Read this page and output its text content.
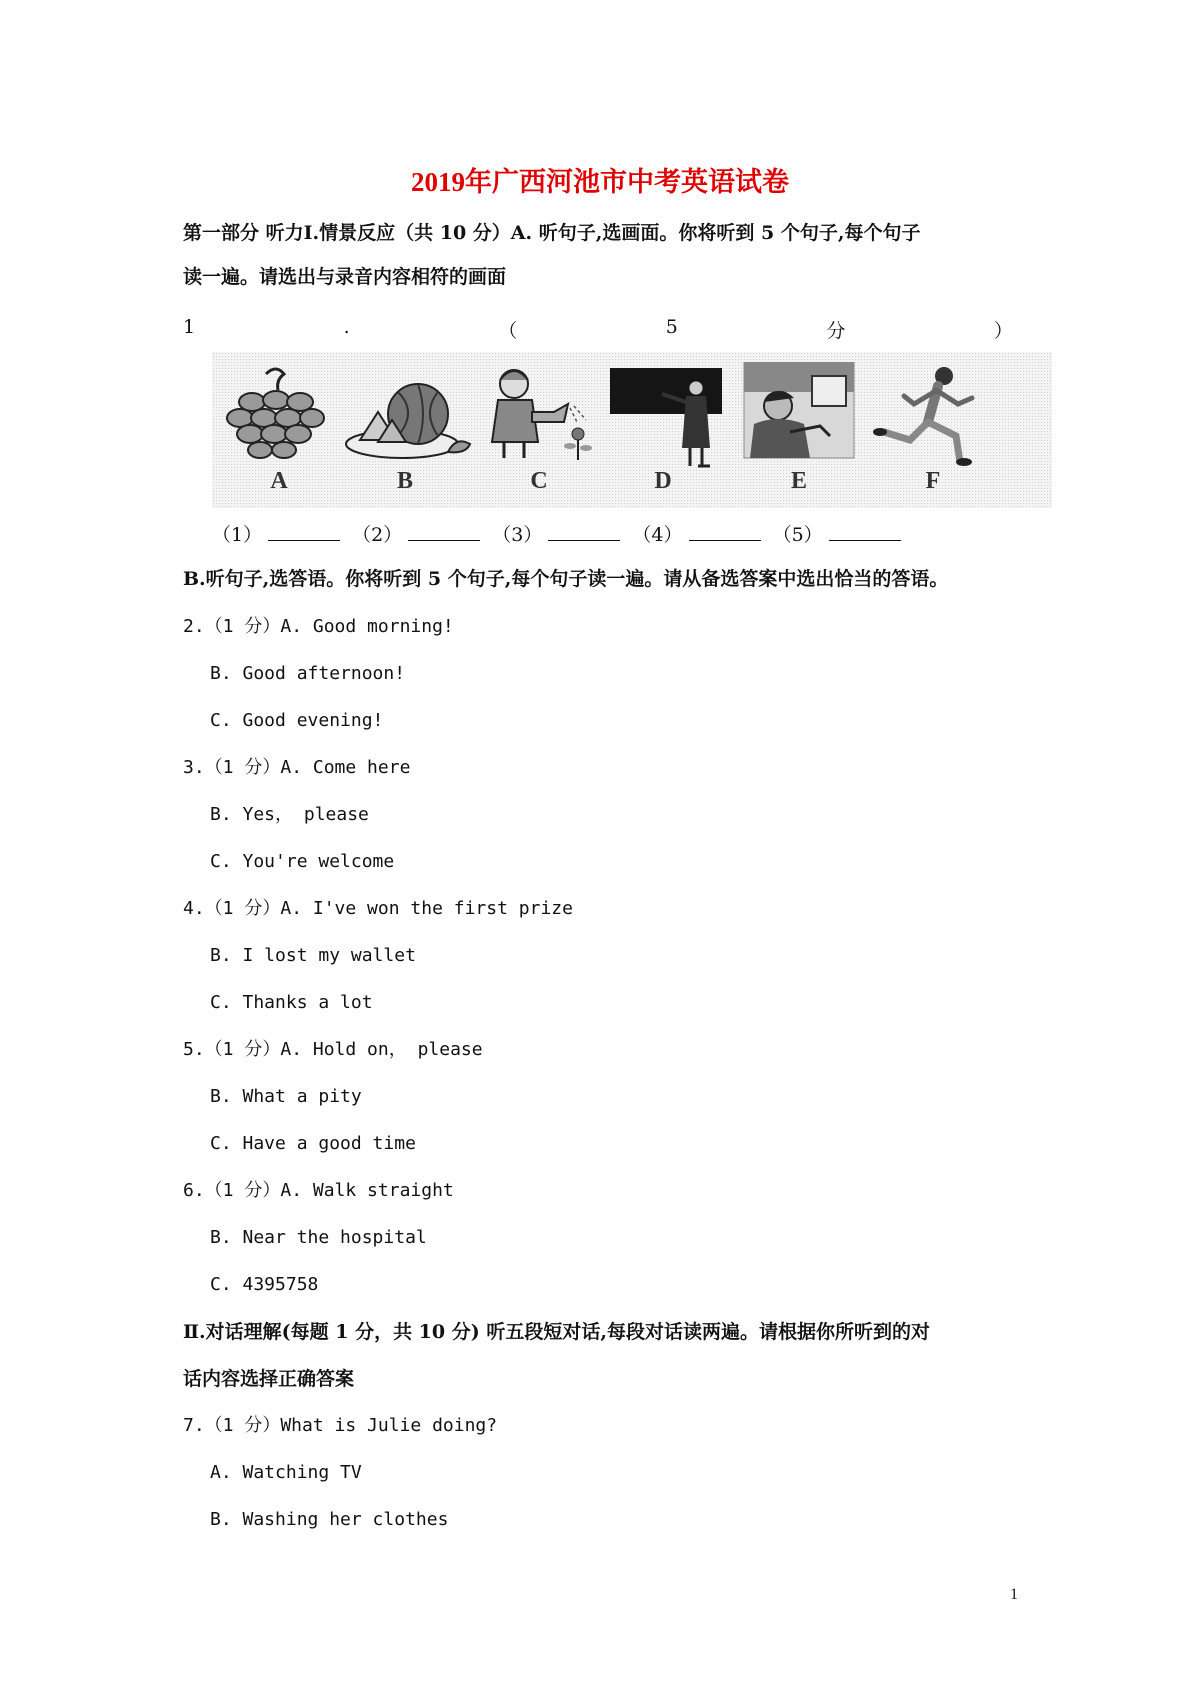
2019年广西河池市中考英语试卷
第一部分 听力Ⅰ.情景反应（共 10 分）A. 听句子,选画面。你将听到 5 个句子,每个句子
读一遍。请选出与录音内容相符的画面
1	.	（	5	分	）
A	B	C	D	E	F
（1）	（2）	（3）	（4）	（5）
B.听句子,选答语。你将听到 5 个句子,每个句子读一遍。请从备选答案中选出恰当的答语。
2.（1 分）A. Good morning!
B. Good afternoon!
C. Good evening!
3.（1 分）A. Come here
B. Yes， please
C. You're welcome
4.（1 分）A. I've won the first prize
B. I lost my wallet
C. Thanks a lot
5.（1 分）A. Hold on， please
B. What a pity
C. Have a good time
6.（1 分）A. Walk straight
B. Near the hospital
C. 4395758
Ⅱ.对话理解(每题 1 分，共 10 分) 听五段短对话,每段对话读两遍。请根据你所听到的对
话内容选择正确答案
7.（1 分）What is Julie doing?
A. Watching TV
B. Washing her clothes
1
